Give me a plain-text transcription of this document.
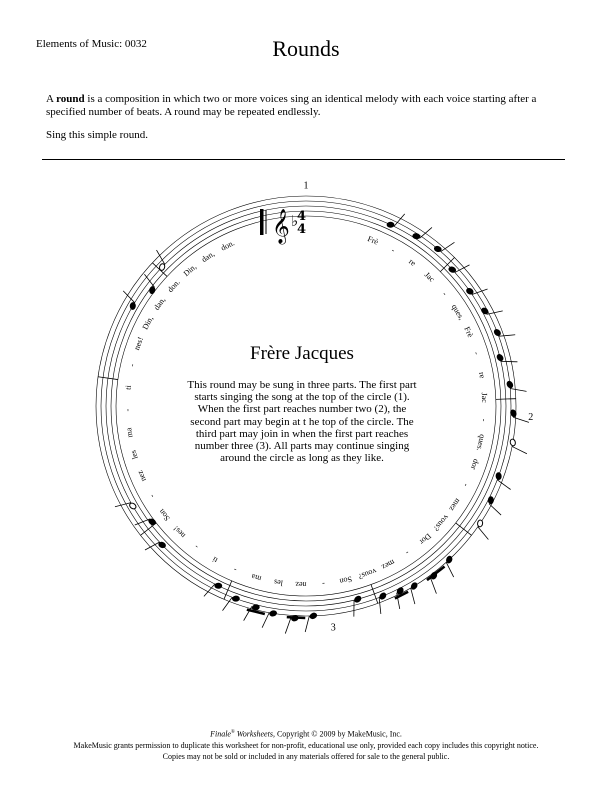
Elements of Music: 0032	Rounds
A round is a composition in which two or more voices sing an identical melody with each voice starting after a specified number of beats. A round may be repeated endlessly.
Sing this simple round.
Frè
-
re
Jac
-
ques,
Frè
-
re
Jac
-
ques.
dor
-
mez
vous?
Dor
-
mez
vous?
Son
-
nez
les
ma
-
ti
-
nes!
Son
-
nez
les
ma
-
ti
-
nes!
Din,
dan,
don.
Din,
dan,
don.
1
2
3
𝄞 ♭
4
4
Frère Jacques
This round may be sung in three parts. The first part starts singing the song at the top of the circle (1). When the first part reaches number two (2), the second part may begin at t he top of the circle. The third part may join in when the first part reaches number three (3). All parts may continue singing around the circle as long as they like.
Finale® Worksheets, Copyright © 2009 by MakeMusic, Inc.
MakeMusic grants permission to duplicate this worksheet for non-profit, educational use only, provided each copy includes this copyright notice.
Copies may not be sold or included in any materials offered for sale to the general public.
